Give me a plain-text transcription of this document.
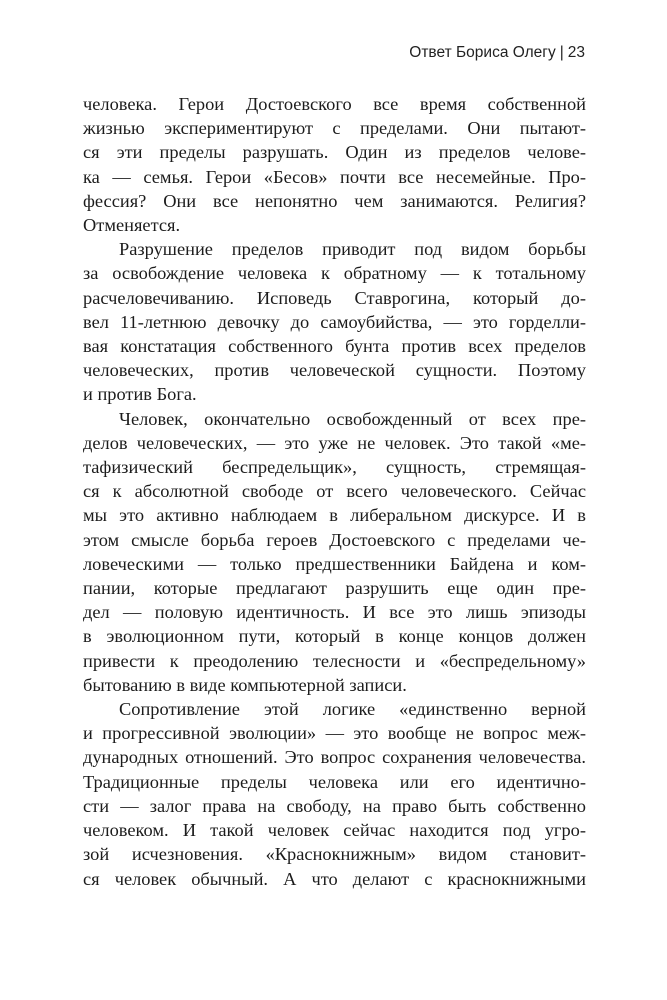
Ответ Бориса Олегу | 23
человека. Герои Достоевского все время собственной
жизнью экспериментируют с пределами. Они пытают-
ся эти пределы разрушать. Один из пределов челове-
ка — семья. Герои «Бесов» почти все несемейные. Про-
фессия? Они все непонятно чем занимаются. Религия?
Отменяется.
Разрушение пределов приводит под видом борьбы
за освобождение человека к обратному — к тотальному
расчеловечиванию. Исповедь Ставрогина, который до-
вел 11-летнюю девочку до самоубийства, — это горделли-
вая констатация собственного бунта против всех пределов
человеческих, против человеческой сущности. Поэтому
и против Бога.
Человек, окончательно освобожденный от всех пре-
делов человеческих, — это уже не человек. Это такой «ме-
тафизический беспредельщик», сущность, стремящая-
ся к абсолютной свободе от всего человеческого. Сейчас
мы это активно наблюдаем в либеральном дискурсе. И в
этом смысле борьба героев Достоевского с пределами че-
ловеческими — только предшественники Байдена и ком-
пании, которые предлагают разрушить еще один пре-
дел — половую идентичность. И все это лишь эпизоды
в эволюционном пути, который в конце концов должен
привести к преодолению телесности и «беспредельному»
бытованию в виде компьютерной записи.
Сопротивление этой логике «единственно верной
и прогрессивной эволюции» — это вообще не вопрос меж-
дународных отношений. Это вопрос сохранения человечества.
Традиционные пределы человека или его идентично-
сти — залог права на свободу, на право быть собственно
человеком. И такой человек сейчас находится под угро-
зой исчезновения. «Краснокнижным» видом становит-
ся человек обычный. А что делают с краснокнижными
